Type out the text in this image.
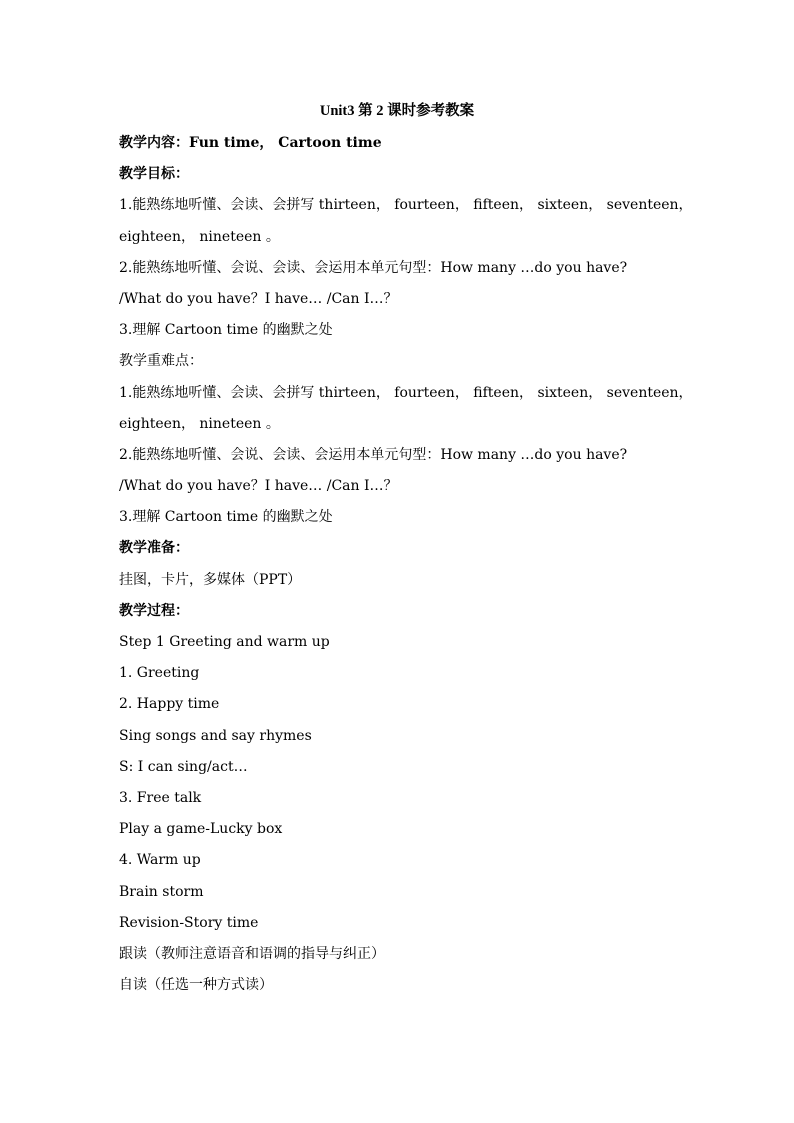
Unit3 第 2 课时参考教案
教学内容：Fun time， Cartoon time
教学目标：
1.能熟练地听懂、会读、会拼写 thirteen， fourteen， fifteen， sixteen， seventeen，
eighteen， nineteen 。
2.能熟练地听懂、会说、会读、会运用本单元句型：How many …do you have?
/What do you have？I have… /Can I…？
3.理解 Cartoon time 的幽默之处
教学重难点：
1.能熟练地听懂、会读、会拼写 thirteen， fourteen， fifteen， sixteen， seventeen，
eighteen， nineteen 。
2.能熟练地听懂、会说、会读、会运用本单元句型：How many …do you have?
/What do you have？I have… /Can I…？
3.理解 Cartoon time 的幽默之处
教学准备：
挂图，卡片，多媒体（PPT）
教学过程：
Step 1 Greeting and warm up
1. Greeting
2. Happy time
Sing songs and say rhymes
S: I can sing/act…
3. Free talk
Play a game-Lucky box
4. Warm up
Brain storm
Revision-Story time
跟读（教师注意语音和语调的指导与纠正）
自读（任选一种方式读）
